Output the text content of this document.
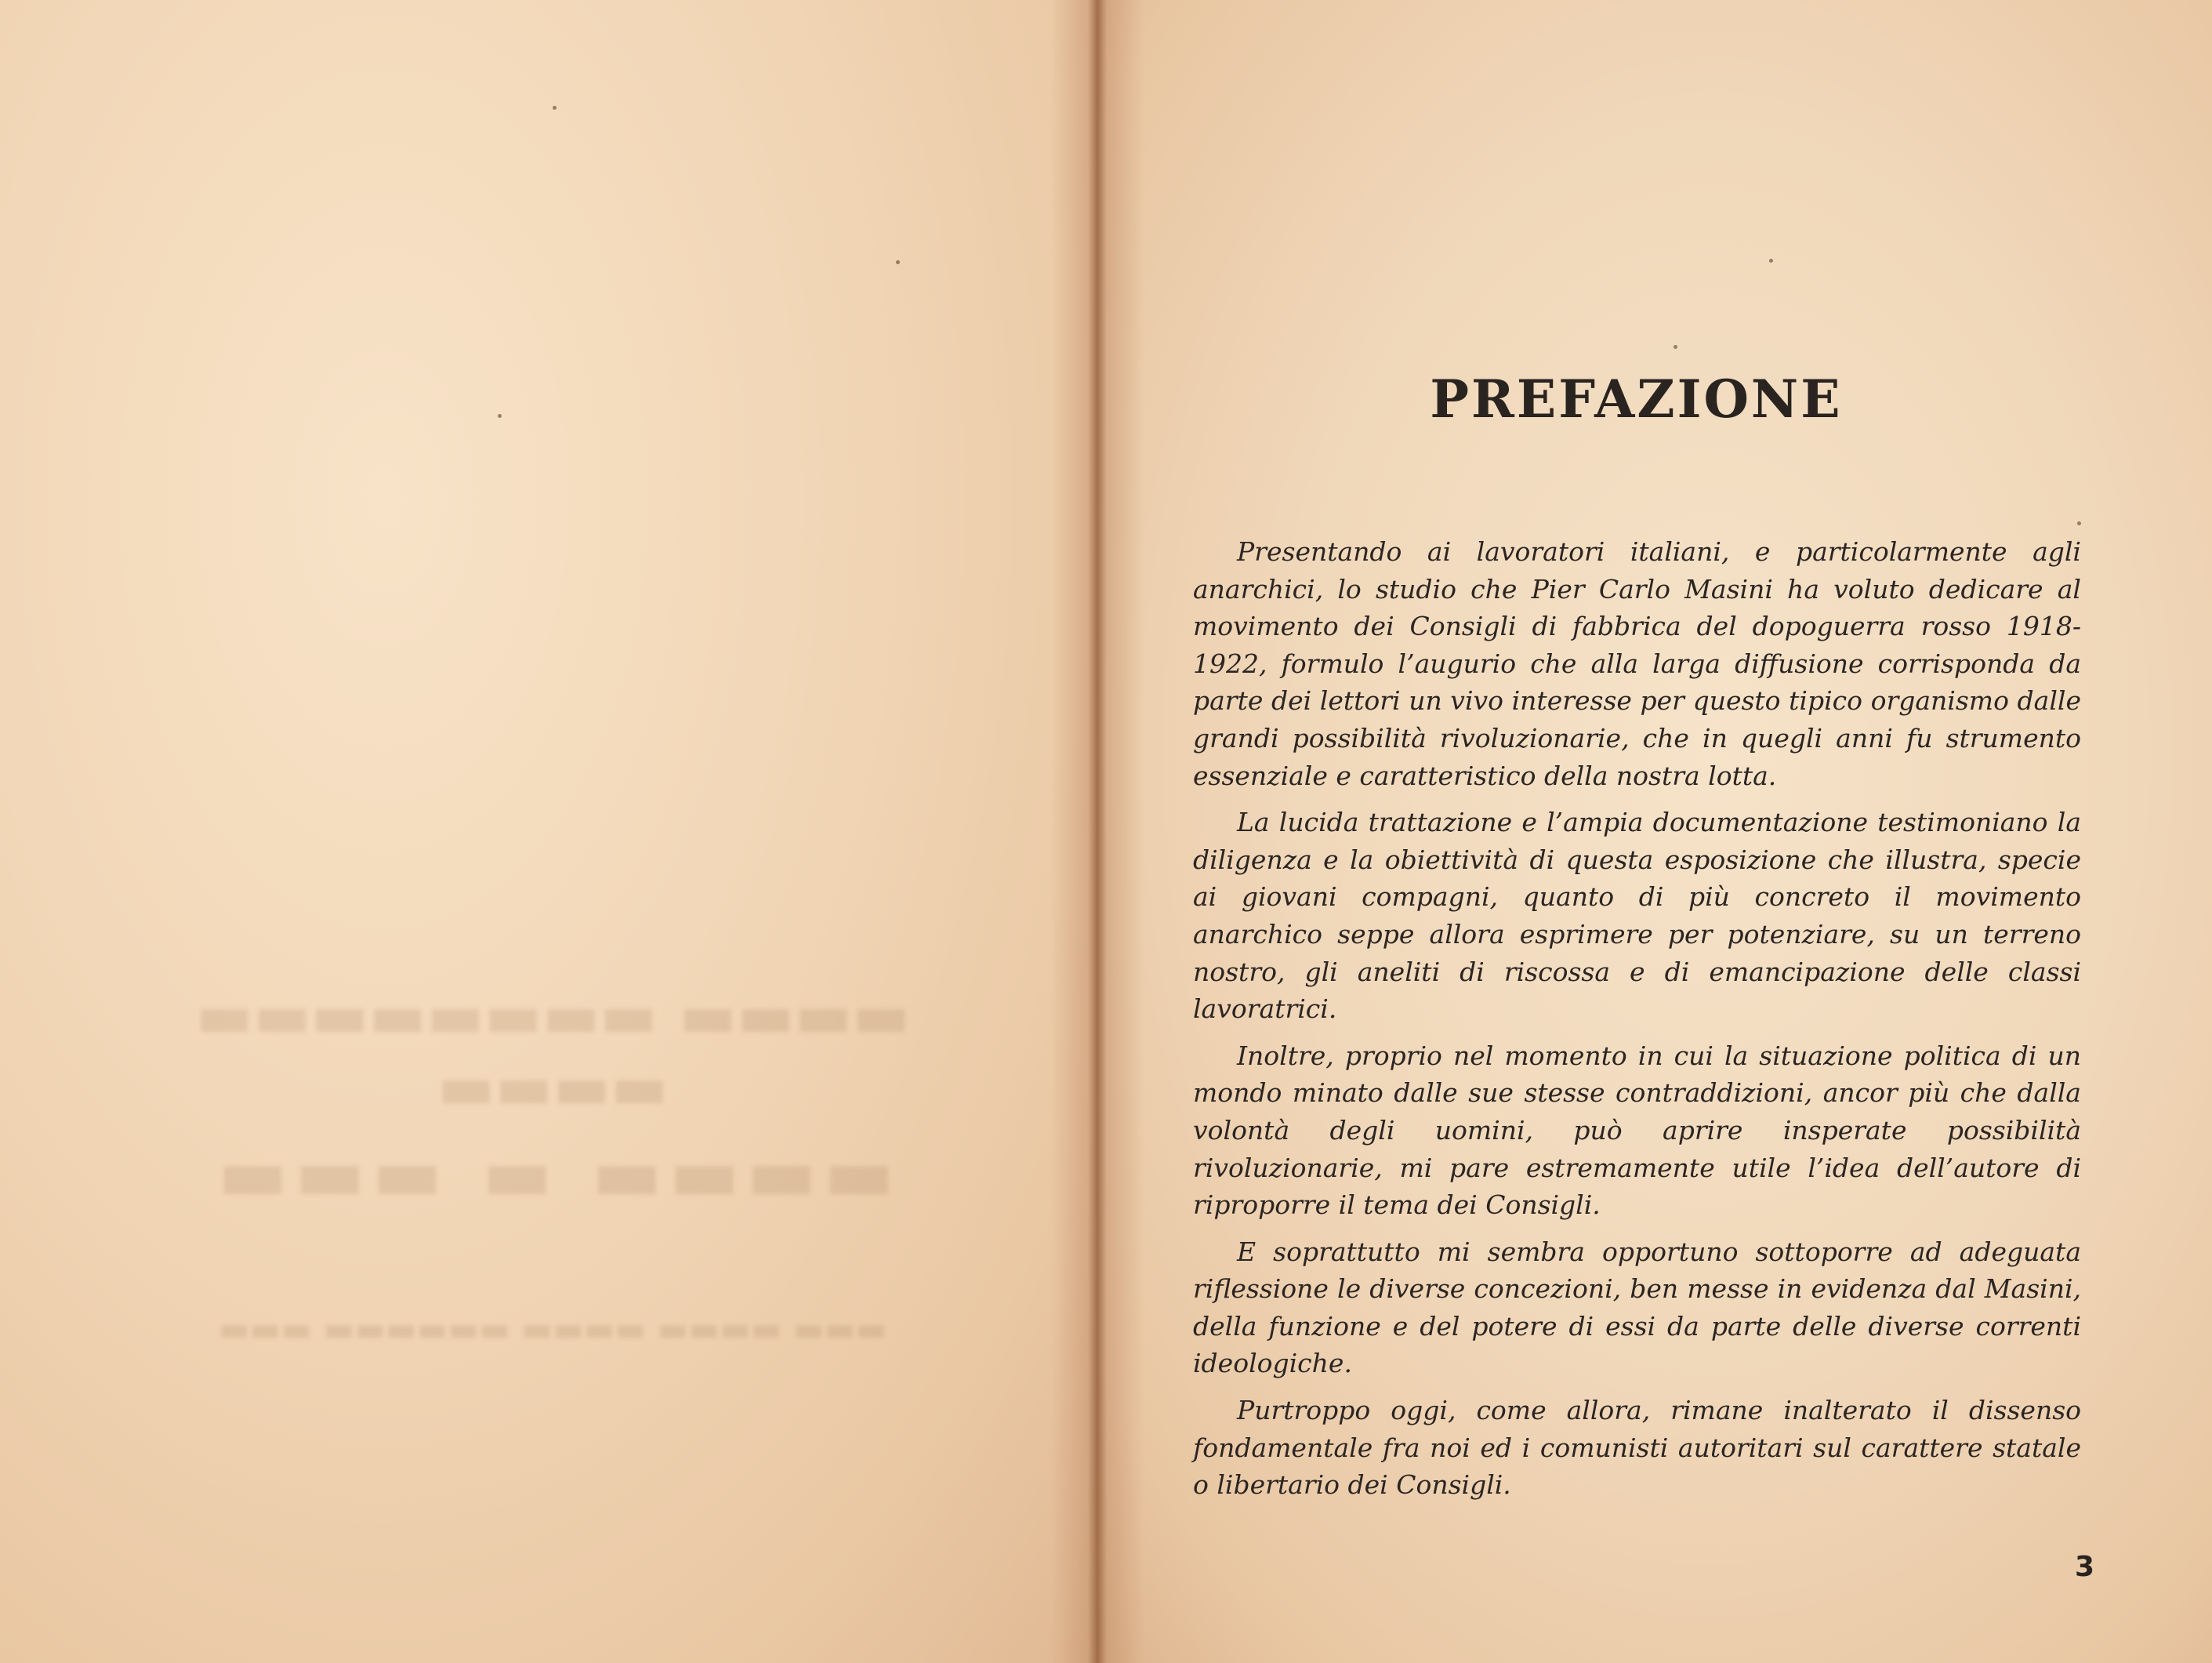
▬▬▬▬ ▬▬▬▬▬▬▬▬ ▬▬▬▬
▬▬▬▬ ▬ ▬▬▬
▬▬▬ ▬▬▬▬ ▬▬▬▬ ▬▬▬▬▬▬ ▬▬▬
PREFAZIONE

Presentando ai lavoratori italiani, e particolarmente agli anarchici, lo studio che Pier Carlo Masini ha voluto dedicare al movimento dei Consigli di fabbrica del dopoguerra rosso 1918-1922, formulo l’augurio che alla larga diffusione corrisponda da parte dei lettori un vivo interesse per questo tipico organismo dalle grandi possibilità rivoluzionarie, che in quegli anni fu strumento essenziale e caratteristico della nostra lotta.

La lucida trattazione e l’ampia documentazione testimoniano la diligenza e la obiettività di questa esposizione che illustra, specie ai giovani compagni, quanto di più concreto il movimento anarchico seppe allora esprimere per potenziare, su un terreno nostro, gli aneliti di riscossa e di emancipazione delle classi lavoratrici.

Inoltre, proprio nel momento in cui la situazione politica di un mondo minato dalle sue stesse contraddizioni, ancor più che dalla volontà degli uomini, può aprire insperate possibilità rivoluzionarie, mi pare estremamente utile l’idea dell’autore di riproporre il tema dei Consigli.

E soprattutto mi sembra opportuno sottoporre ad adeguata riflessione le diverse concezioni, ben messe in evidenza dal Masini, della funzione e del potere di essi da parte delle diverse correnti ideologiche.

Purtroppo oggi, come allora, rimane inalterato il dissenso fondamentale fra noi ed i comunisti autoritari sul carattere statale o libertario dei Consigli.

3
